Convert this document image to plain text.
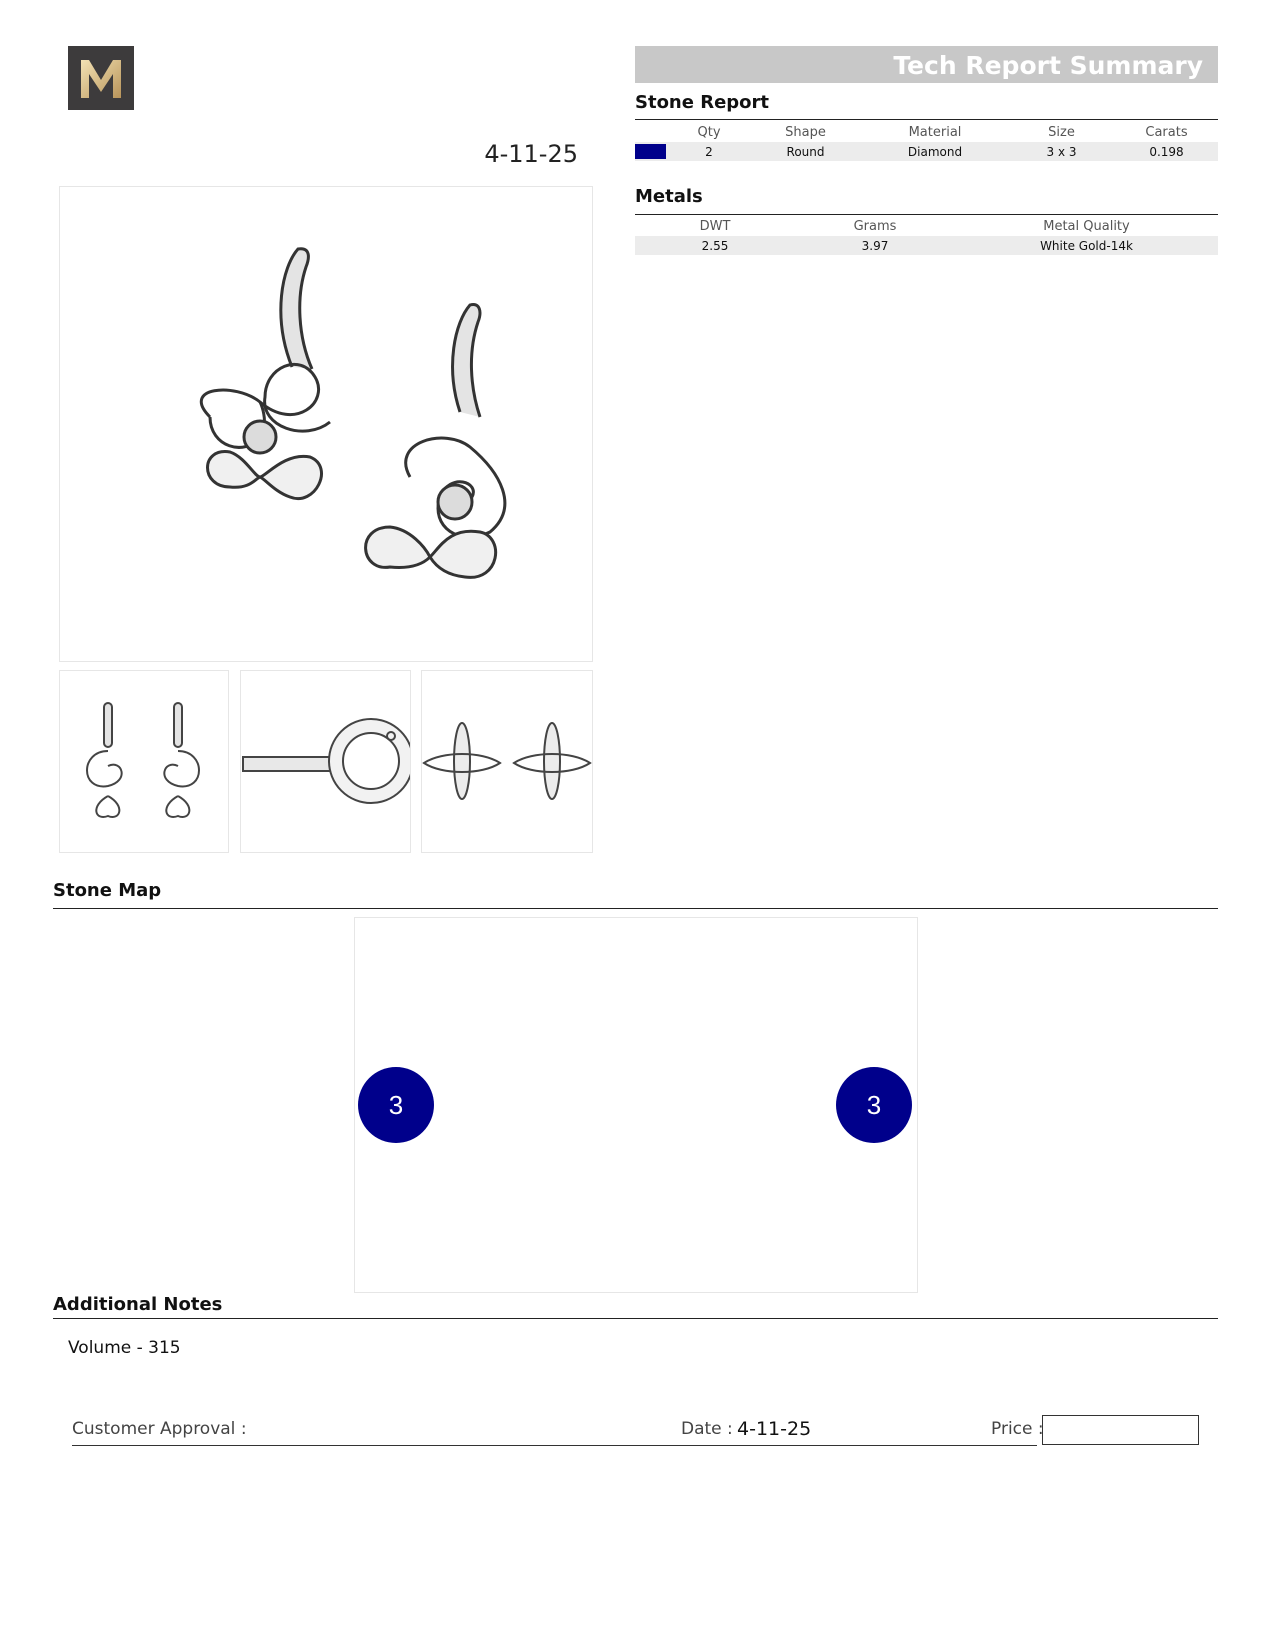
4-11-25
Tech Report Summary
Stone Report
	Qty	Shape	Material	Size	Carats
	2	Round	Diamond	3 x 3	0.198
Metals
DWT	Grams	Metal Quality
2.55	3.97	White Gold-14k
Stone Map
3	3
Additional Notes
Volume - 315
Customer Approval :	Date : 4-11-25	Price :
